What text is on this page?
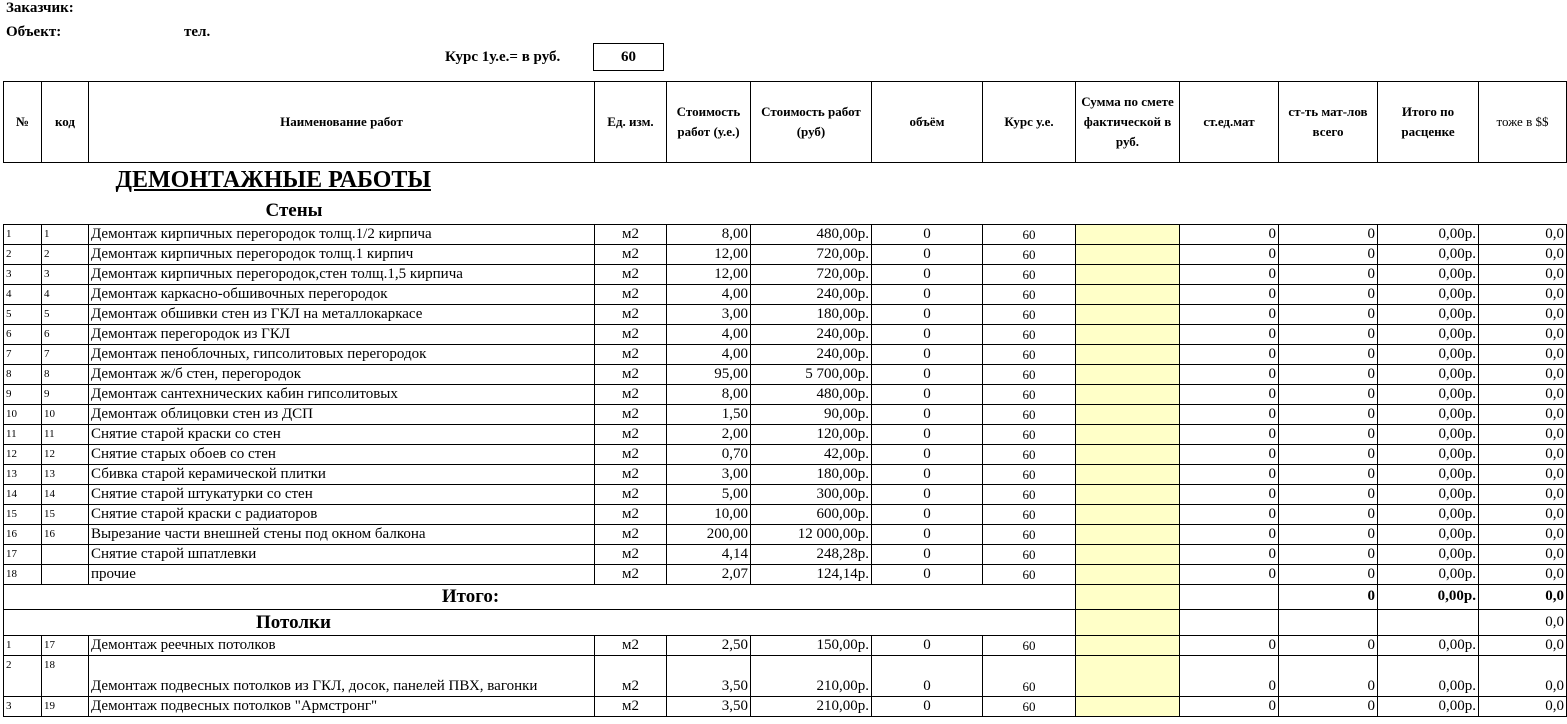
Заказчик:
Объект:	тел.
Курс 1у.е.= в руб.	60
№	код	Наименование работ	Ед. изм.	Стоимость работ (у.е.)	Стоимость работ (руб)	объём	Курс у.е.	Сумма по смете фактической в руб.	ст.ед.мат	ст-ть мат-лов всего	Итого по расценке	тоже в $$
ДЕМОНТАЖНЫЕ РАБОТЫ												
Стены												
1	1	Демонтаж кирпичных перегородок толщ.1/2 кирпича	м2	8,00	480,00р.	0	60		0	0	0,00р.	0,0
2	2	Демонтаж кирпичных перегородок толщ.1 кирпич	м2	12,00	720,00р.	0	60		0	0	0,00р.	0,0
3	3	Демонтаж кирпичных перегородок,стен толщ.1,5 кирпича	м2	12,00	720,00р.	0	60		0	0	0,00р.	0,0
4	4	Демонтаж каркасно-обшивочных перегородок	м2	4,00	240,00р.	0	60		0	0	0,00р.	0,0
5	5	Демонтаж обшивки стен из ГКЛ на металлокаркасе	м2	3,00	180,00р.	0	60		0	0	0,00р.	0,0
6	6	Демонтаж перегородок из ГКЛ	м2	4,00	240,00р.	0	60		0	0	0,00р.	0,0
7	7	Демонтаж пеноблочных, гипсолитовых перегородок	м2	4,00	240,00р.	0	60		0	0	0,00р.	0,0
8	8	Демонтаж ж/б стен, перегородок	м2	95,00	5 700,00р.	0	60		0	0	0,00р.	0,0
9	9	Демонтаж сантехнических кабин гипсолитовых	м2	8,00	480,00р.	0	60		0	0	0,00р.	0,0
10	10	Демонтаж облицовки стен из ДСП	м2	1,50	90,00р.	0	60		0	0	0,00р.	0,0
11	11	Снятие старой краски со стен	м2	2,00	120,00р.	0	60		0	0	0,00р.	0,0
12	12	Снятие старых обоев со стен	м2	0,70	42,00р.	0	60		0	0	0,00р.	0,0
13	13	Сбивка старой керамической плитки	м2	3,00	180,00р.	0	60		0	0	0,00р.	0,0
14	14	Снятие старой штукатурки со стен	м2	5,00	300,00р.	0	60		0	0	0,00р.	0,0
15	15	Снятие старой краски с радиаторов	м2	10,00	600,00р.	0	60		0	0	0,00р.	0,0
16	16	Вырезание части внешней стены под окном балкона	м2	200,00	12 000,00р.	0	60		0	0	0,00р.	0,0
17		Снятие старой шпатлевки	м2	4,14	248,28р.	0	60		0	0	0,00р.	0,0
18		прочие	м2	2,07	124,14р.	0	60		0	0	0,00р.	0,0
Итого:										0	0,00р.	0,0
Потолки												0,0
1	17	Демонтаж реечных потолков	м2	2,50	150,00р.	0	60		0	0	0,00р.	0,0
2	18	Демонтаж подвесных потолков из ГКЛ, досок, панелей ПВХ, вагонки	м2	3,50	210,00р.	0	60		0	0	0,00р.	0,0
3	19	Демонтаж подвесных потолков "Армстронг"	м2	3,50	210,00р.	0	60		0	0	0,00р.	0,0
